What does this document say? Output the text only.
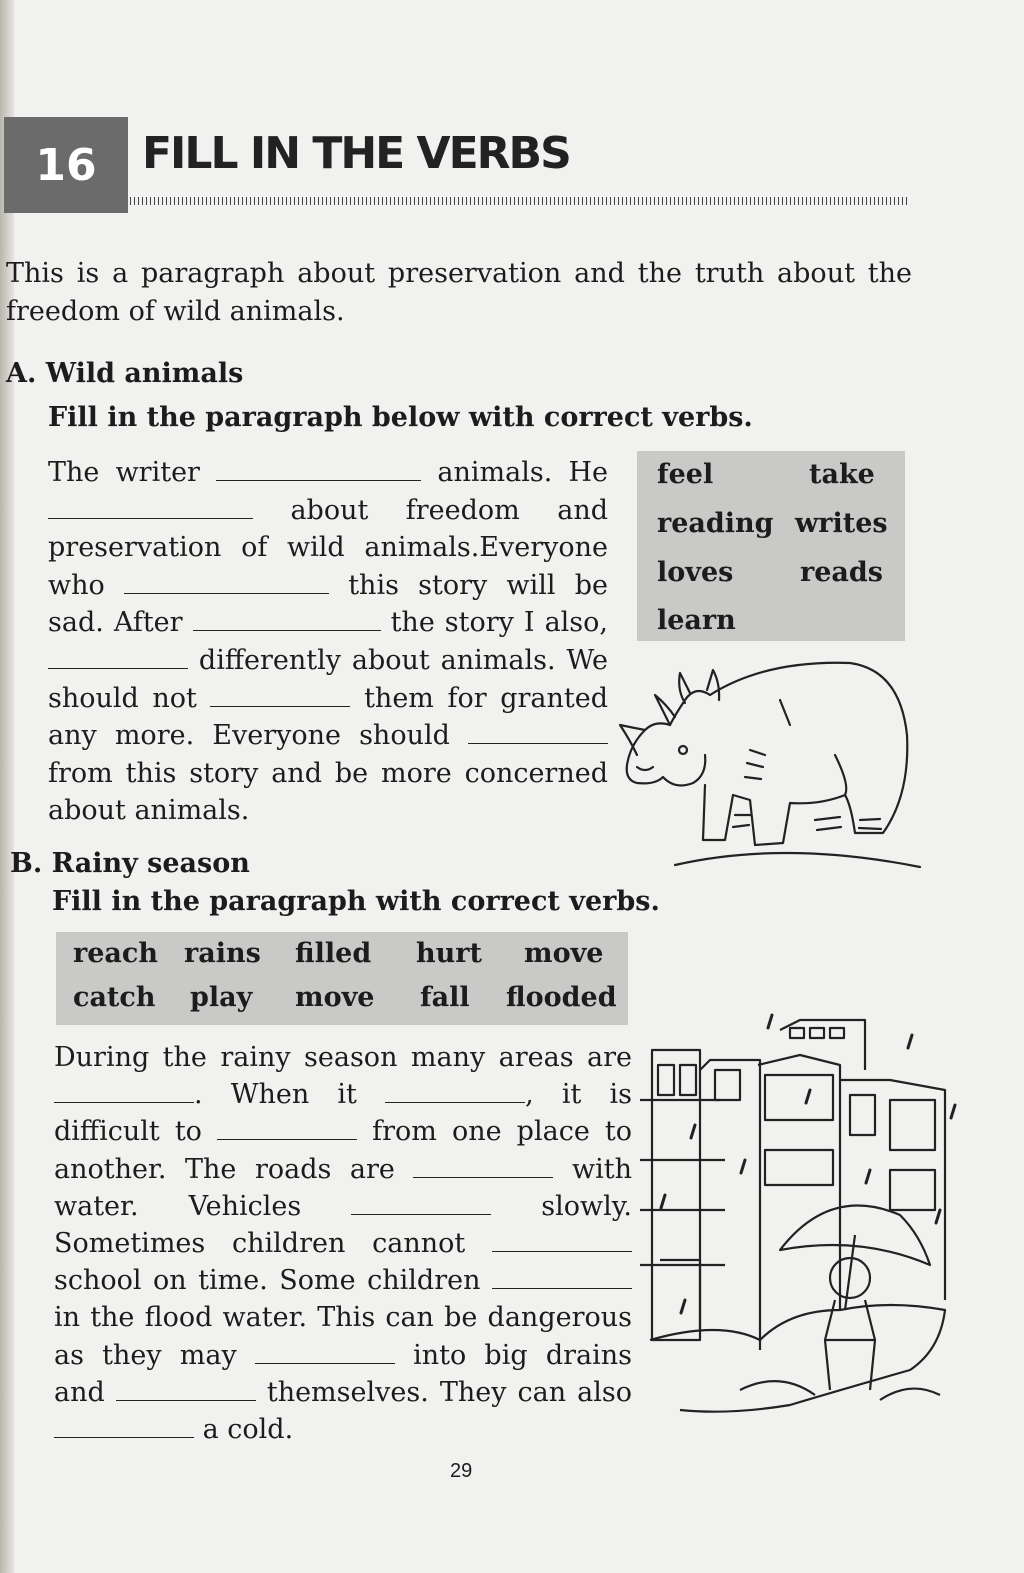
16	FILL IN THE VERBS

This is a paragraph about preservation and the truth about the freedom of wild animals.

A. Wild animals

Fill in the paragraph below with correct verbs.

The writer	animals. He  about freedom and preservation of wild animals.Everyone who	this story will be sad. After	the story I also,  differently about animals. We should not	them for granted any more. Everyone should  from this story and be more concerned about animals.

feel	take
reading writes
loves reads
learn

B. Rainy season

Fill in the paragraph with correct verbs.

reach rains filled hurt move
catch play move fall flooded

During the rainy season many areas are . When it	, it is difficult to	from one place to another. The roads are	with water. Vehicles	slowly. Sometimes children cannot  school on time. Some children  in the flood water. This can be dangerous as they may	into big drains and	themselves. They can also  a cold.

29
